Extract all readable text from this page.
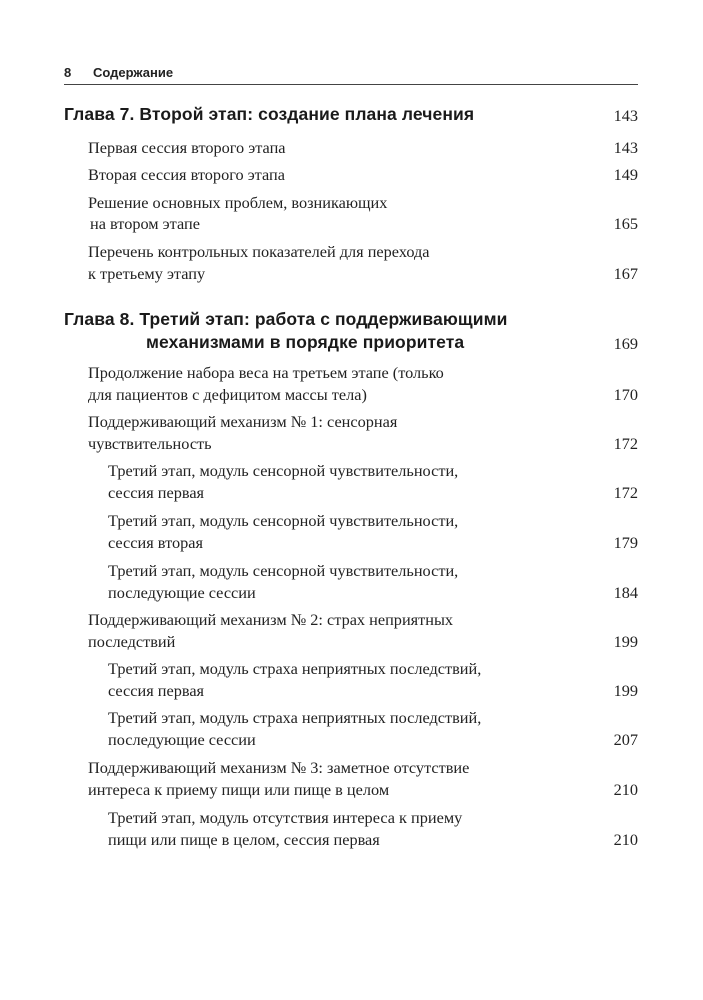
8 Содержание
Глава 7. Второй этап: создание плана лечения	143
Первая сессия второго этапа	143
Вторая сессия второго этапа	149
Решение основных проблем, возникающих
на втором этапе	165
Перечень контрольных показателей для перехода
к третьему этапу	167
Глава 8. Третий этап: работа с поддерживающими
механизмами в порядке приоритета	169
Продолжение набора веса на третьем этапе (только
для пациентов с дефицитом массы тела)	170
Поддерживающий механизм № 1: сенсорная
чувствительность	172
Третий этап, модуль сенсорной чувствительности,
сессия первая	172
Третий этап, модуль сенсорной чувствительности,
сессия вторая	179
Третий этап, модуль сенсорной чувствительности,
последующие сессии	184
Поддерживающий механизм № 2: страх неприятных
последствий	199
Третий этап, модуль страха неприятных последствий,
сессия первая	199
Третий этап, модуль страха неприятных последствий,
последующие сессии	207
Поддерживающий механизм № 3: заметное отсутствие
интереса к приему пищи или пище в целом	210
Третий этап, модуль отсутствия интереса к приему
пищи или пище в целом, сессия первая	210
